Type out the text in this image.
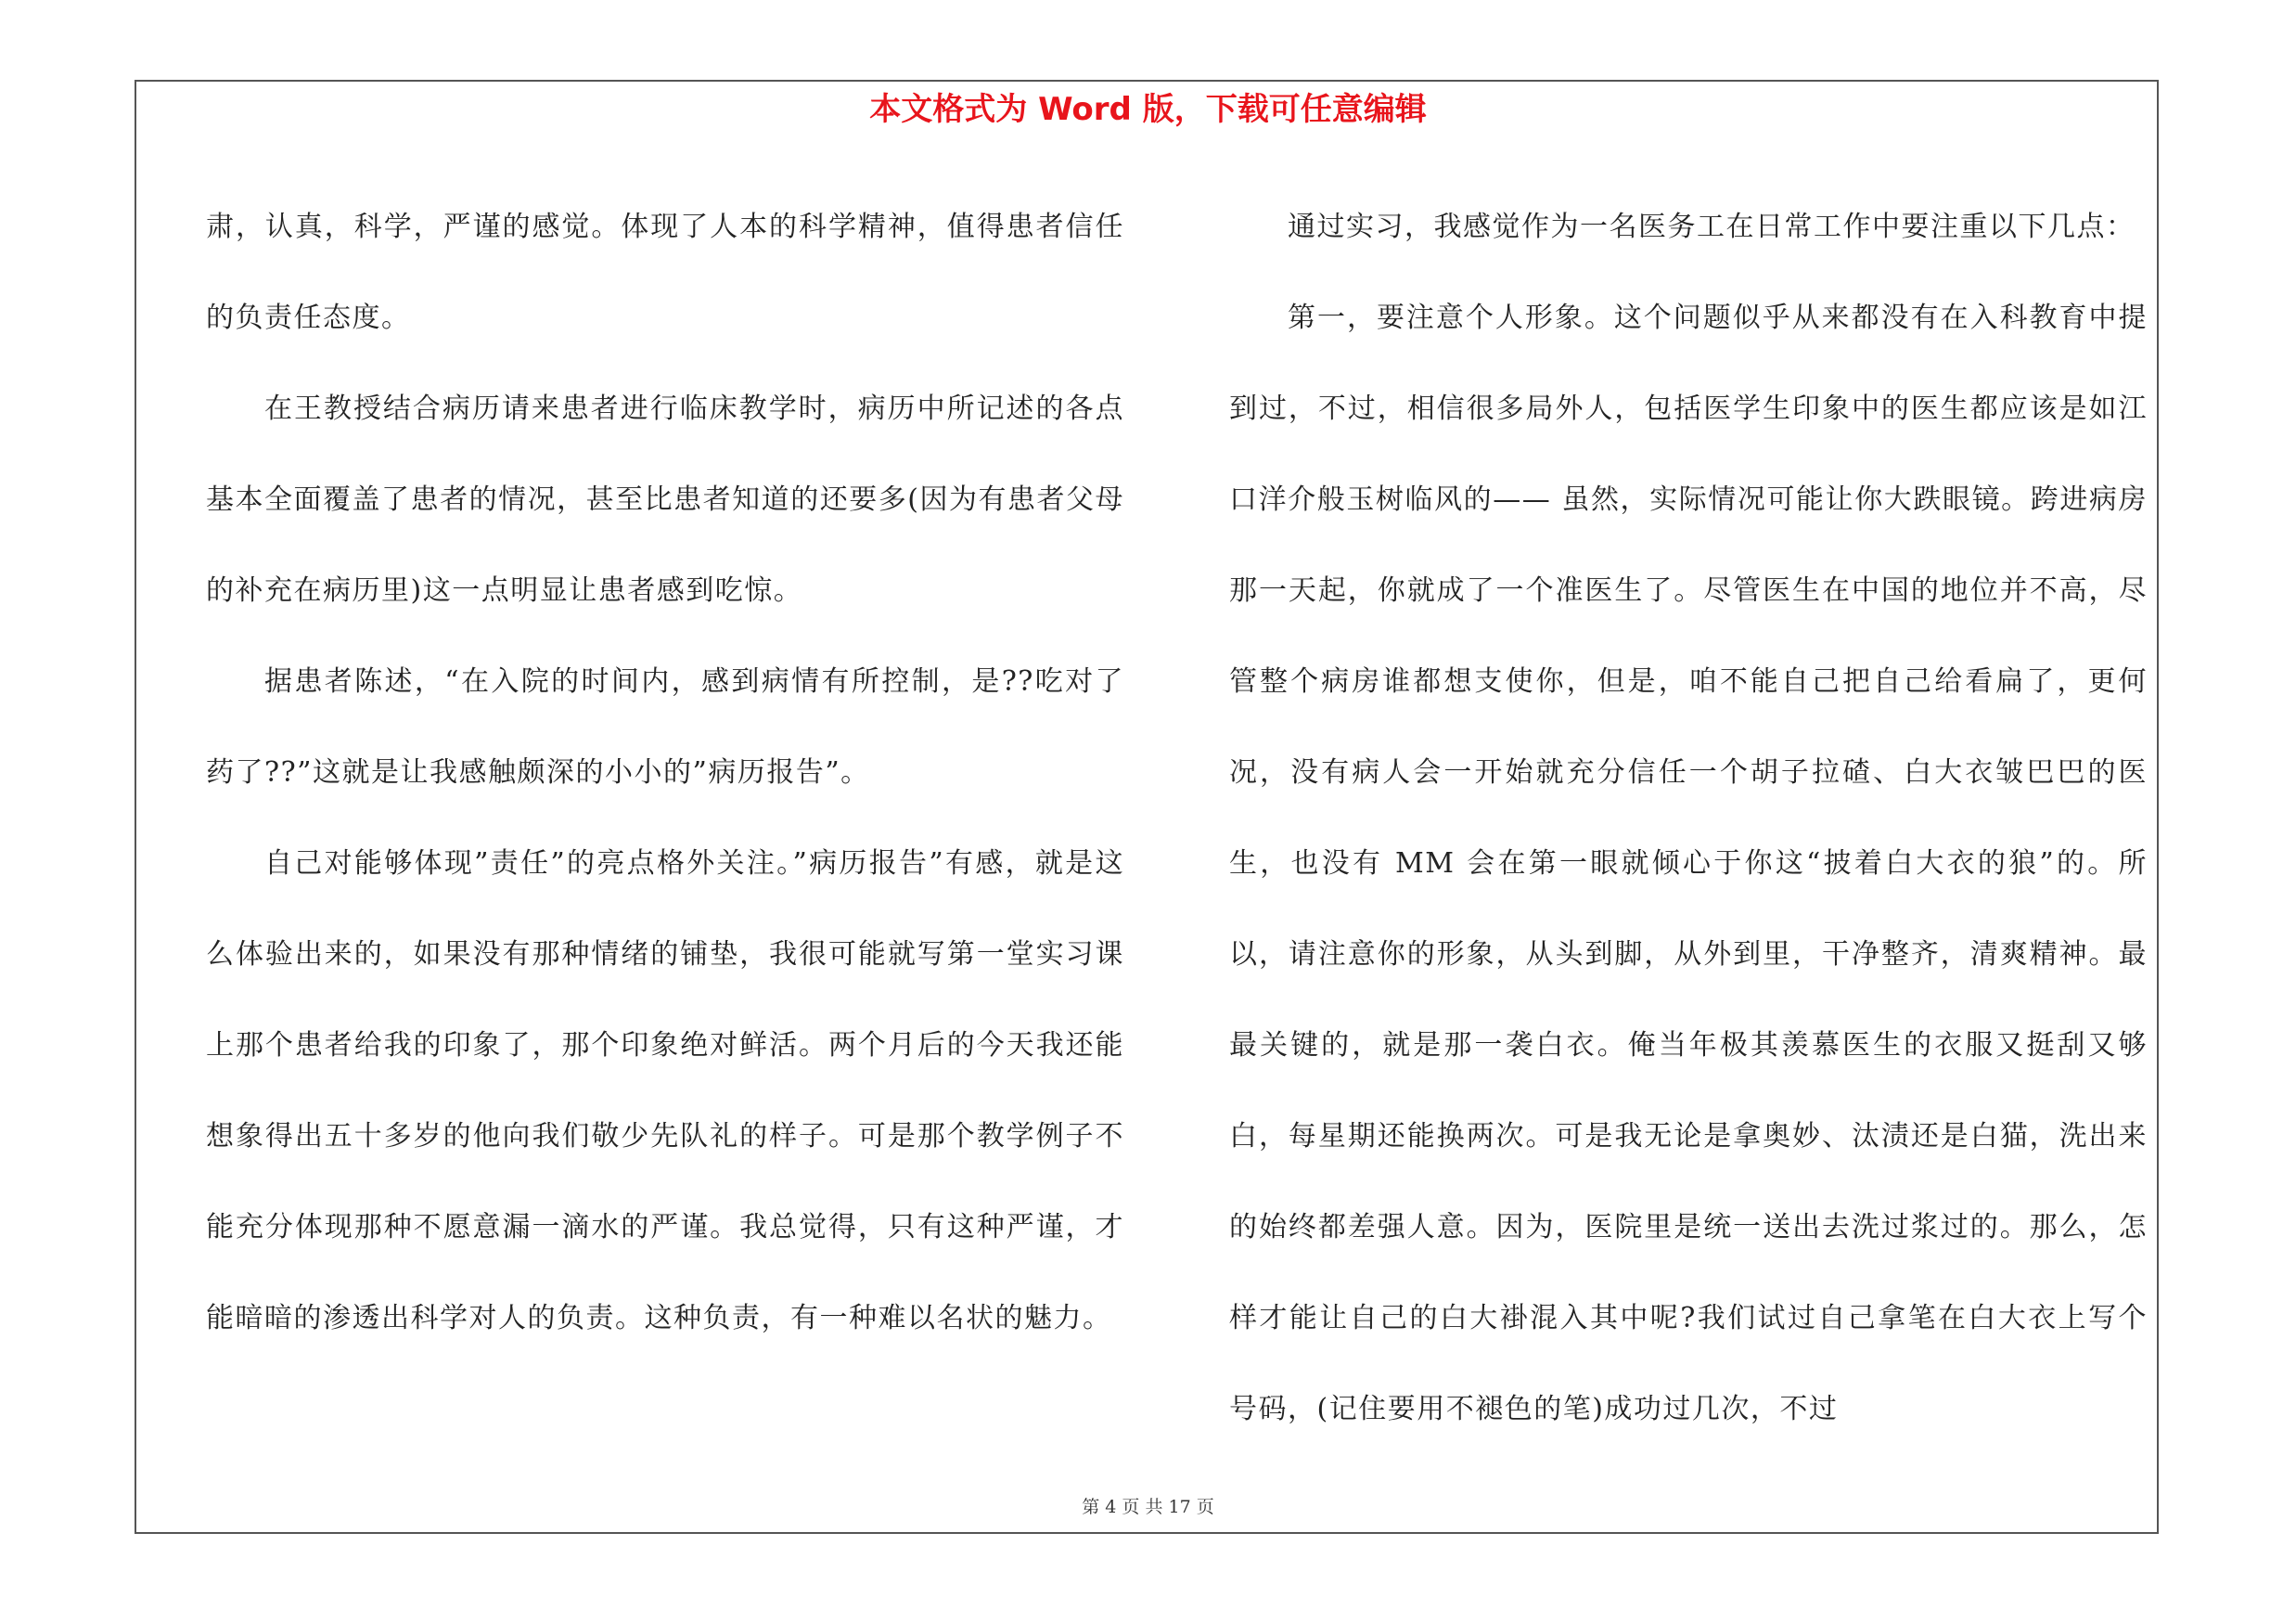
本文格式为 Word 版，下载可任意编辑

肃，认真，科学，严谨的感觉。体现了人本的科学精神，值得患者信任的负责任态度。

在王教授结合病历请来患者进行临床教学时，病历中所记述的各点基本全面覆盖了患者的情况，甚至比患者知道的还要多(因为有患者父母的补充在病历里)这一点明显让患者感到吃惊。

据患者陈述，“在入院的时间内，感到病情有所控制，是??吃对了药了??”这就是让我感触颇深的小小的”病历报告”。

自己对能够体现”责任”的亮点格外关注。”病历报告”有感，就是这么体验出来的，如果没有那种情绪的铺垫，我很可能就写第一堂实习课上那个患者给我的印象了，那个印象绝对鲜活。两个月后的今天我还能想象得出五十多岁的他向我们敬少先队礼的样子。可是那个教学例子不能充分体现那种不愿意漏一滴水的严谨。我总觉得，只有这种严谨，才能暗暗的渗透出科学对人的负责。这种负责，有一种难以名状的魅力。

通过实习，我感觉作为一名医务工在日常工作中要注重以下几点：

第一，要注意个人形象。这个问题似乎从来都没有在入科教育中提到过，不过，相信很多局外人，包括医学生印象中的医生都应该是如江口洋介般玉树临风的—— 虽然，实际情况可能让你大跌眼镜。跨进病房那一天起，你就成了一个准医生了。尽管医生在中国的地位并不高，尽管整个病房谁都想支使你，但是，咱不能自己把自己给看扁了，更何况，没有病人会一开始就充分信任一个胡子拉碴、白大衣皱巴巴的医生，也没有 MM 会在第一眼就倾心于你这“披着白大衣的狼”的。所以，请注意你的形象，从头到脚，从外到里，干净整齐，清爽精神。最最关键的，就是那一袭白衣。俺当年极其羡慕医生的衣服又挺刮又够白，每星期还能换两次。可是我无论是拿奥妙、汰渍还是白猫，洗出来的始终都差强人意。因为，医院里是统一送出去洗过浆过的。那么，怎样才能让自己的白大褂混入其中呢?我们试过自己拿笔在白大衣上写个号码，(记住要用不褪色的笔)成功过几次，不过

第 4 页 共 17 页
